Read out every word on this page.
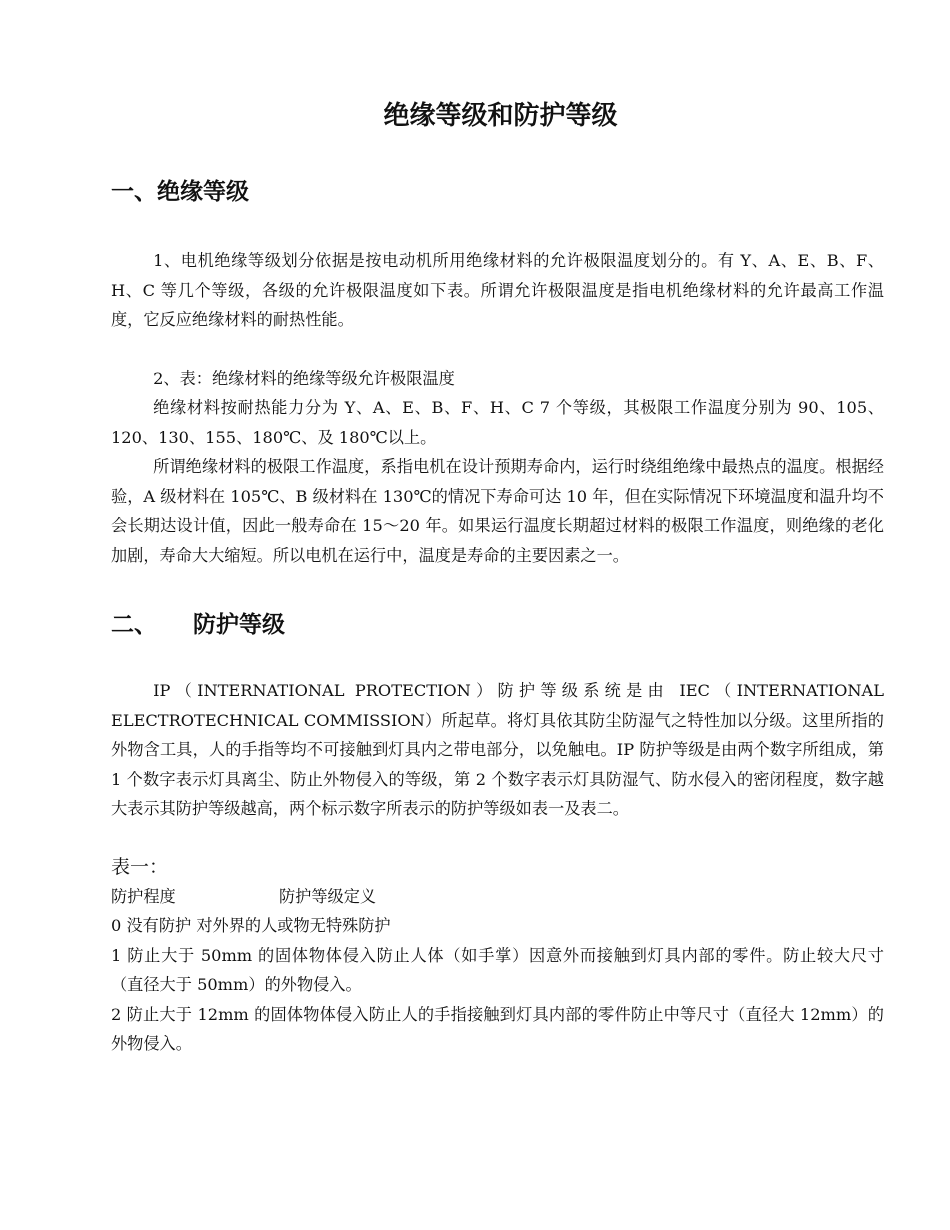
绝缘等级和防护等级
一、绝缘等级

1、电机绝缘等级划分依据是按电动机所用绝缘材料的允许极限温度划分的。有 Y、A、E、B、F、H、C 等几个等级，各级的允许极限温度如下表。所谓允许极限温度是指电机绝缘材料的允许最高工作温度，它反应绝缘材料的耐热性能。

2、表：绝缘材料的绝缘等级允许极限温度

绝缘材料按耐热能力分为 Y、A、E、B、F、H、C 7 个等级，其极限工作温度分别为 90、105、120、130、155、180℃、及 180℃以上。

所谓绝缘材料的极限工作温度，系指电机在设计预期寿命内，运行时绕组绝缘中最热点的温度。根据经验，A 级材料在 105℃、B 级材料在 130℃的情况下寿命可达 10 年，但在实际情况下环境温度和温升均不会长期达设计值，因此一般寿命在 15～20 年。如果运行温度长期超过材料的极限工作温度，则绝缘的老化加剧，寿命大大缩短。所以电机在运行中，温度是寿命的主要因素之一。

二、 防护等级

IP（INTERNATIONAL PROTECTION）防护等级系统是由 IEC（INTERNATIONAL ELECTROTECHNICAL COMMISSION）所起草。将灯具依其防尘防湿气之特性加以分级。这里所指的外物含工具，人的手指等均不可接触到灯具内之带电部分，以免触电。IP 防护等级是由两个数字所组成，第 1 个数字表示灯具离尘、防止外物侵入的等级，第 2 个数字表示灯具防湿气、防水侵入的密闭程度，数字越大表示其防护等级越高，两个标示数字所表示的防护等级如表一及表二。

表一：
防护程度	防护等级定义
0 没有防护 对外界的人或物无特殊防护
1 防止大于 50mm 的固体物体侵入防止人体（如手掌）因意外而接触到灯具内部的零件。防止较大尺寸（直径大于 50mm）的外物侵入。
2 防止大于 12mm 的固体物体侵入防止人的手指接触到灯具内部的零件防止中等尺寸（直径大 12mm）的外物侵入。
